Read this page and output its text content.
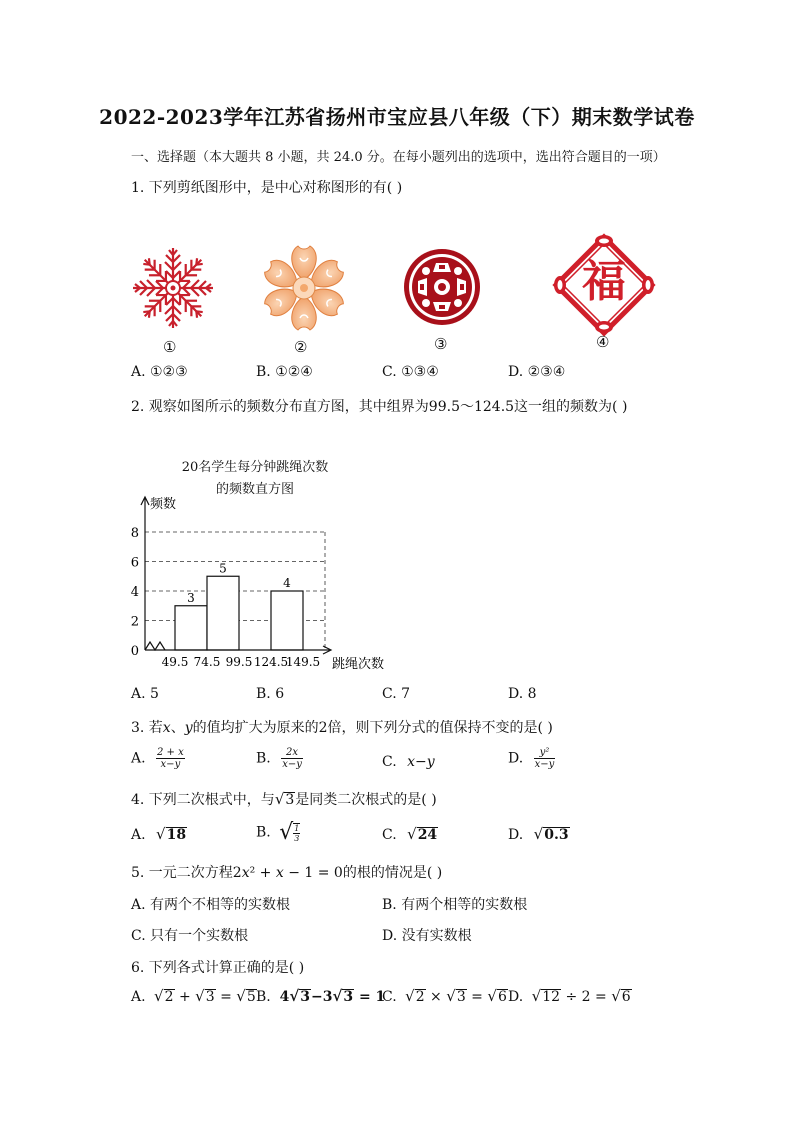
2022-2023学年江苏省扬州市宝应县八年级（下）期末数学试卷
一、选择题（本大题共 8 小题，共 24.0 分。在每小题列出的选项中，选出符合题目的一项）
1. 下列剪纸图形中，是中心对称图形的有( )
福
①	②	③	④
A. ①②③	B. ①②④	C. ①③④	D. ②③④
2. 观察如图所示的频数分布直方图，其中组界为99.5～124.5这一组的频数为( )
20名学生每分钟跳绳次数
的频数直方图
频数
跳绳次数
0
2
4
6
8
3
5
4
49.5 74.5 99.5 124.5
149.5
A. 5	B. 6	C. 7	D. 8
3. 若𝑥、𝑦的值均扩大为原来的2倍，则下列分式的值保持不变的是( )
A. $\frac{\text{2 + 𝑥}}{\text{𝑥−𝑦}}$	B. $\frac{\text{2𝑥}}{\text{𝑥−𝑦}}$	C. 𝑥−𝑦	D. $\frac{\text{𝑦²}}{\text{𝑥−𝑦}}$
4. 下列二次根式中，与√3是同类二次根式的是( )
A. √18	B. √ $\frac{1}{3}$	C. √24	D. √0.3
5. 一元二次方程2𝑥² + 𝑥 − 1 = 0的根的情况是( )
A. 有两个不相等的实数根	B. 有两个相等的实数根
C. 只有一个实数根	D. 没有实数根
6. 下列各式计算正确的是( )
A. √2 + √3 = √5 B. 4√3−3√3 = 1
C. √2 × √3 = √6 D. √12 ÷ 2 = √6
